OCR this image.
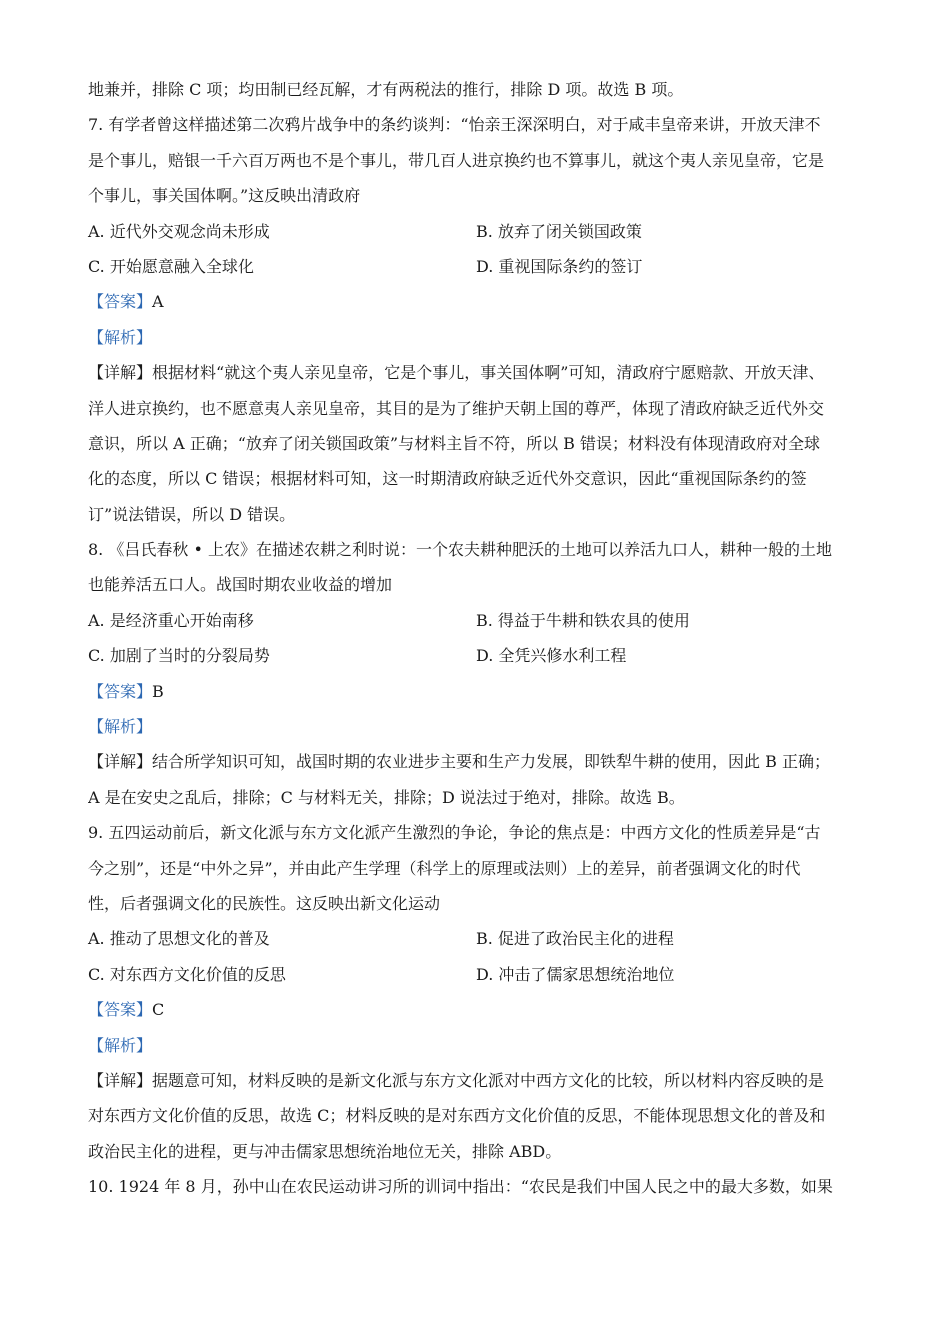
地兼并，排除 C 项；均田制已经瓦解，才有两税法的推行，排除 D 项。故选 B 项。
7. 有学者曾这样描述第二次鸦片战争中的条约谈判：“怡亲王深深明白，对于咸丰皇帝来讲，开放天津不
是个事儿，赔银一千六百万两也不是个事儿，带几百人进京换约也不算事儿，就这个夷人亲见皇帝，它是
个事儿，事关国体啊。”这反映出清政府
A. 近代外交观念尚未形成	B. 放弃了闭关锁国政策
C. 开始愿意融入全球化	D. 重视国际条约的签订
【答案】A
【解析】
【详解】根据材料“就这个夷人亲见皇帝，它是个事儿，事关国体啊”可知，清政府宁愿赔款、开放天津、
洋人进京换约，也不愿意夷人亲见皇帝，其目的是为了维护天朝上国的尊严，体现了清政府缺乏近代外交
意识，所以 A 正确；“放弃了闭关锁国政策”与材料主旨不符，所以 B 错误；材料没有体现清政府对全球
化的态度，所以 C 错误；根据材料可知，这一时期清政府缺乏近代外交意识，因此“重视国际条约的签
订”说法错误，所以 D 错误。
8. 《吕氏春秋 • 上农》在描述农耕之利时说：一个农夫耕种肥沃的土地可以养活九口人，耕种一般的土地
也能养活五口人。战国时期农业收益的增加
A. 是经济重心开始南移	B. 得益于牛耕和铁农具的使用
C. 加剧了当时的分裂局势	D. 全凭兴修水利工程
【答案】B
【解析】
【详解】结合所学知识可知，战国时期的农业进步主要和生产力发展，即铁犁牛耕的使用，因此 B 正确；
A 是在安史之乱后，排除；C 与材料无关，排除；D 说法过于绝对，排除。故选 B。
9. 五四运动前后，新文化派与东方文化派产生激烈的争论，争论的焦点是：中西方文化的性质差异是“古
今之别”，还是“中外之异”，并由此产生学理（科学上的原理或法则）上的差异，前者强调文化的时代
性，后者强调文化的民族性。这反映出新文化运动
A. 推动了思想文化的普及	B. 促进了政治民主化的进程
C. 对东西方文化价值的反思	D. 冲击了儒家思想统治地位
【答案】C
【解析】
【详解】据题意可知，材料反映的是新文化派与东方文化派对中西方文化的比较，所以材料内容反映的是
对东西方文化价值的反思，故选 C；材料反映的是对东西方文化价值的反思，不能体现思想文化的普及和
政治民主化的进程，更与冲击儒家思想统治地位无关，排除 ABD。
10. 1924 年 8 月，孙中山在农民运动讲习所的训词中指出：“农民是我们中国人民之中的最大多数，如果
